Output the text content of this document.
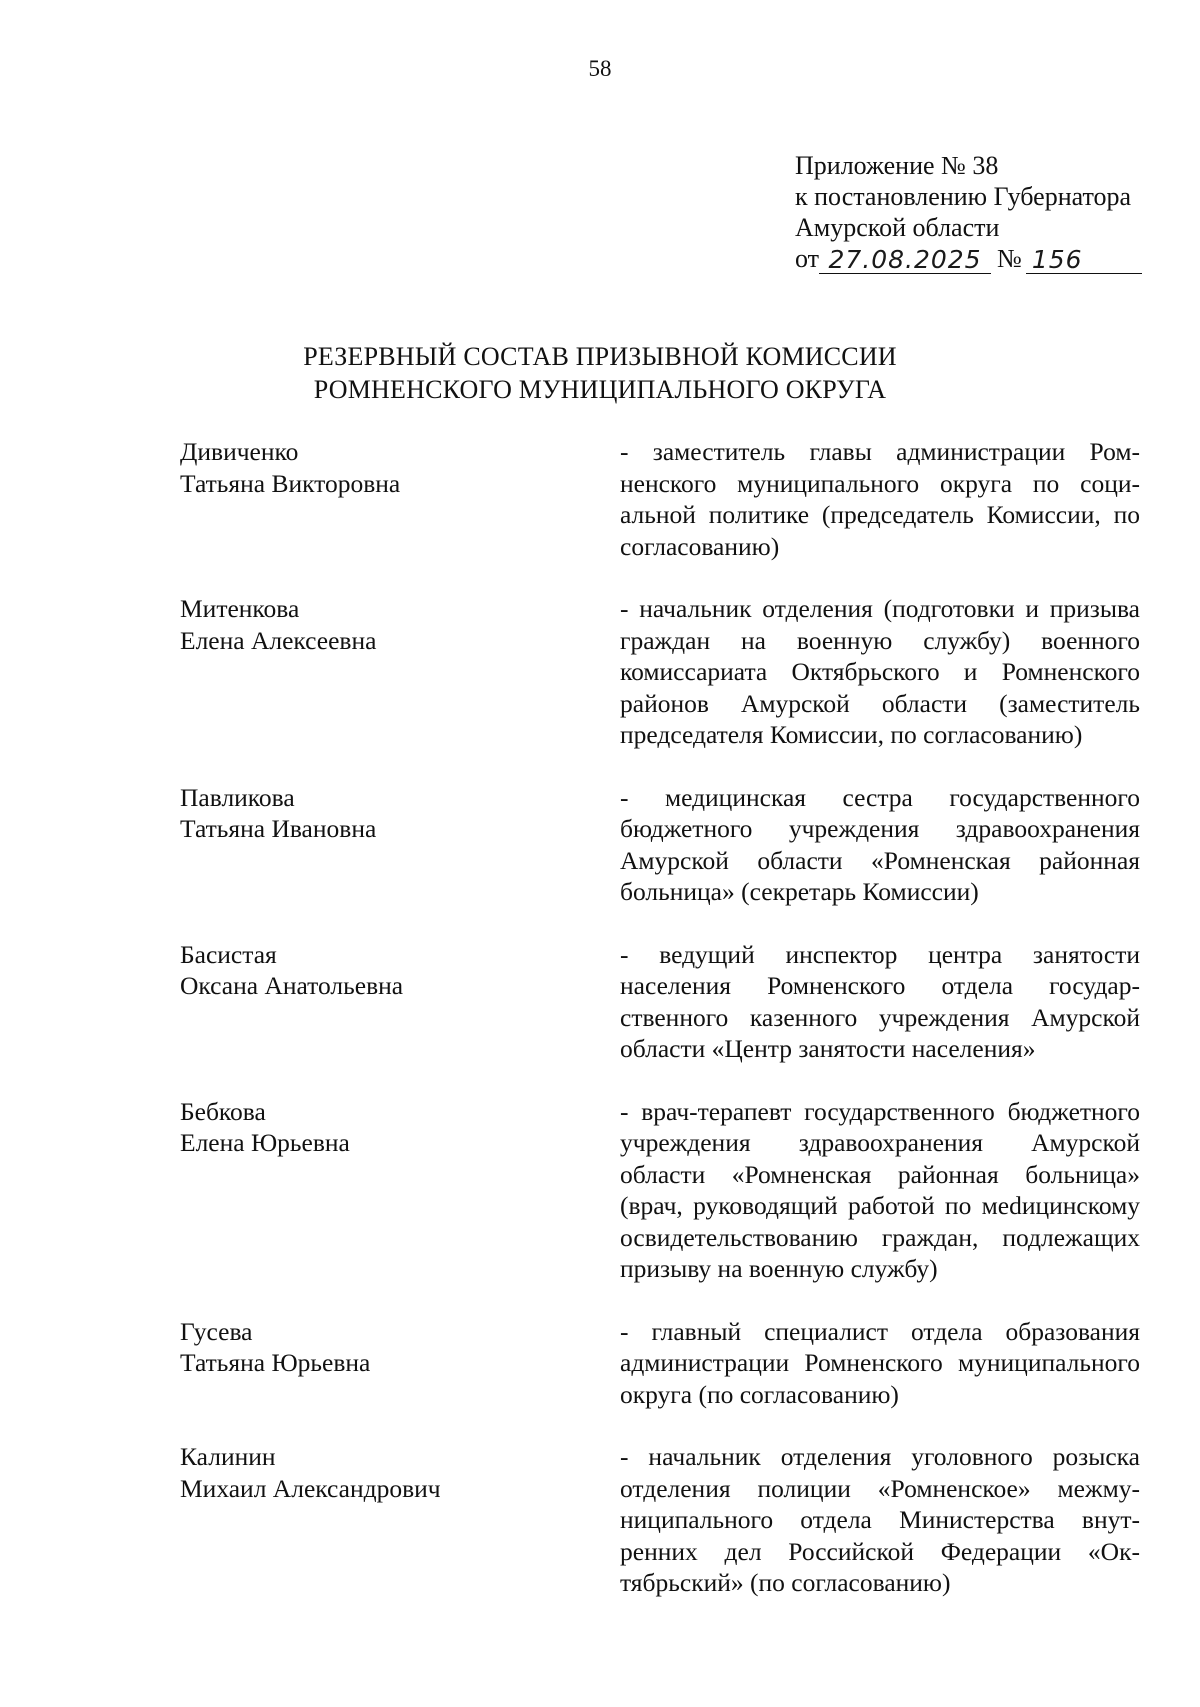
58
Приложение № 38
к постановлению Губернатора
Амурской области
от 27.08.2025 № 156
РЕЗЕРВНЫЙ СОСТАВ ПРИЗЫВНОЙ КОМИССИИ
РОМНЕНСКОГО МУНИЦИПАЛЬНОГО ОКРУГА
Дивиченко
Татьяна Викторовна
- заместитель главы администрации Ромненского муниципального округа по социальной политике (председатель Комиссии, по согласованию)
Митенкова
Елена Алексеевна
- начальник отделения (подготовки и призыва граждан на военную службу) военного комиссариата Октябрьского и Ромненского районов Амурской области (заместитель председателя Комиссии, по согласованию)
Павликова
Татьяна Ивановна
- медицинская сестра государственного бюджетного учреждения здравоохранения Амурской области «Ромненская районная больница» (секретарь Комиссии)
Басистая
Оксана Анатольевна
- ведущий инспектор центра занятости населения Ромненского отдела государственного казенного учреждения Амурской области «Центр занятости населения»
Бебкова
Елена Юрьевна
- врач-терапевт государственного бюджетного учреждения здравоохранения Амурской области «Ромненская районная больница» (врач, руководящий работой по меdицинскому освидетельствованию граждан, подлежащих призыву на военную службу)
Гусева
Татьяна Юрьевна
- главный специалист отдела образования администрации Ромненского муниципального округа (по согласованию)
Калинин
Михаил Александрович
- начальник отделения уголовного розыска отделения полиции «Ромненское» межмуниципального отдела Министерства внутренних дел Российской Федерации «Октябрьский» (по согласованию)
